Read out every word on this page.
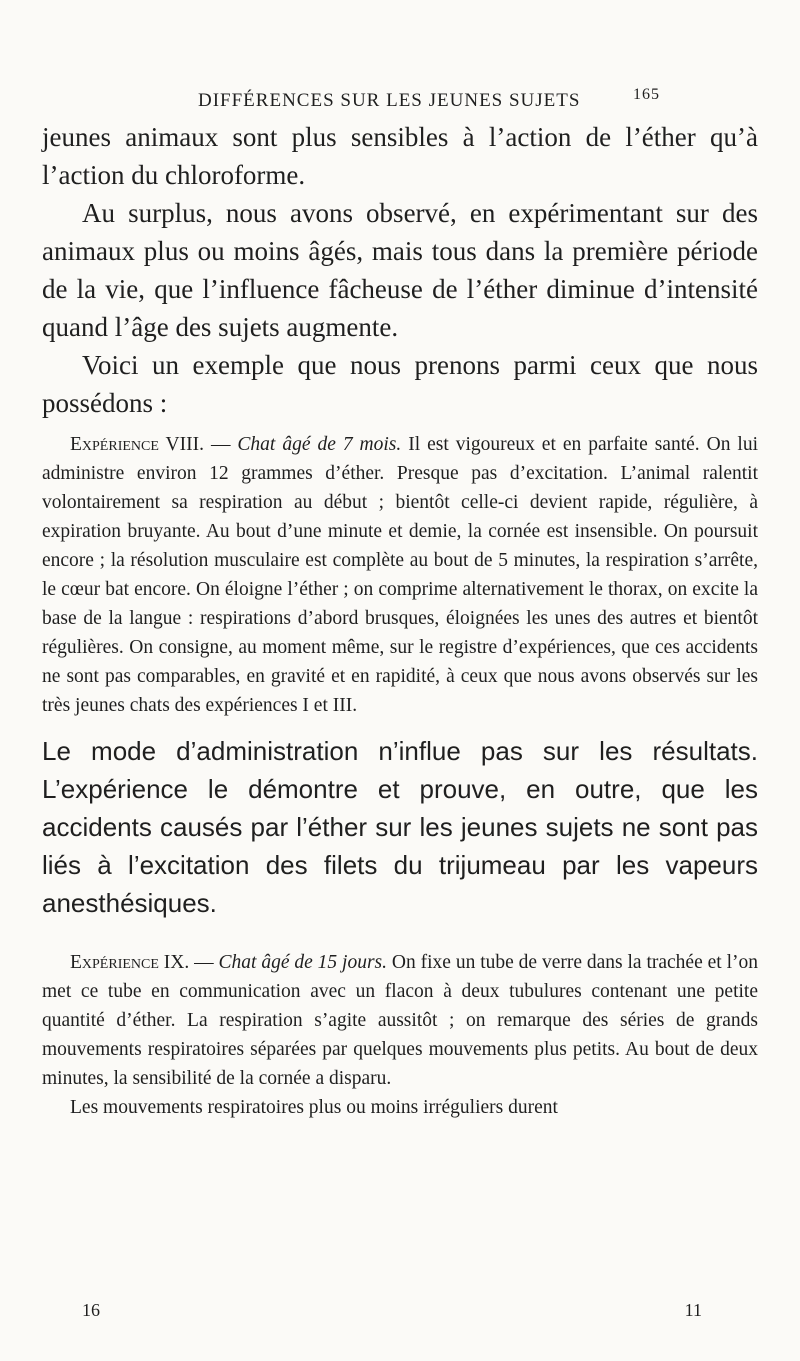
DIFFÉRENCES SUR LES JEUNES SUJETS	165

jeunes animaux sont plus sensibles à l’action de l’éther qu’à l’action du chloroforme.

Au surplus, nous avons observé, en expérimentant sur des animaux plus ou moins âgés, mais tous dans la première période de la vie, que l’influence fâcheuse de l’éther diminue d’intensité quand l’âge des sujets augmente.

Voici un exemple que nous prenons parmi ceux que nous possédons :

Expérience VIII. — Chat âgé de 7 mois. Il est vigoureux et en parfaite santé. On lui administre environ 12 grammes d’éther. Presque pas d’excitation. L’animal ralentit volontairement sa respiration au début ; bientôt celle-ci devient rapide, régulière, à expiration bruyante. Au bout d’une minute et demie, la cornée est insensible. On poursuit encore ; la résolution musculaire est complète au bout de 5 minutes, la respiration s’arrête, le cœur bat encore. On éloigne l’éther ; on comprime alternativement le thorax, on excite la base de la langue : respirations d’abord brusques, éloignées les unes des autres et bientôt régulières. On consigne, au moment même, sur le registre d’expériences, que ces accidents ne sont pas comparables, en gravité et en rapidité, à ceux que nous avons observés sur les très jeunes chats des expériences I et III.

Le mode d’administration n’influe pas sur les résultats. L’expérience le démontre et prouve, en outre, que les accidents causés par l’éther sur les jeunes sujets ne sont pas liés à l’excitation des filets du trijumeau par les vapeurs anesthésiques.

Expérience IX. — Chat âgé de 15 jours. On fixe un tube de verre dans la trachée et l’on met ce tube en communication avec un flacon à deux tubulures contenant une petite quantité d’éther. La respiration s’agite aussitôt ; on remarque des séries de grands mouvements respiratoires séparées par quelques mouvements plus petits. Au bout de deux minutes, la sensibilité de la cornée a disparu.

Les mouvements respiratoires plus ou moins irréguliers durent

16	11
